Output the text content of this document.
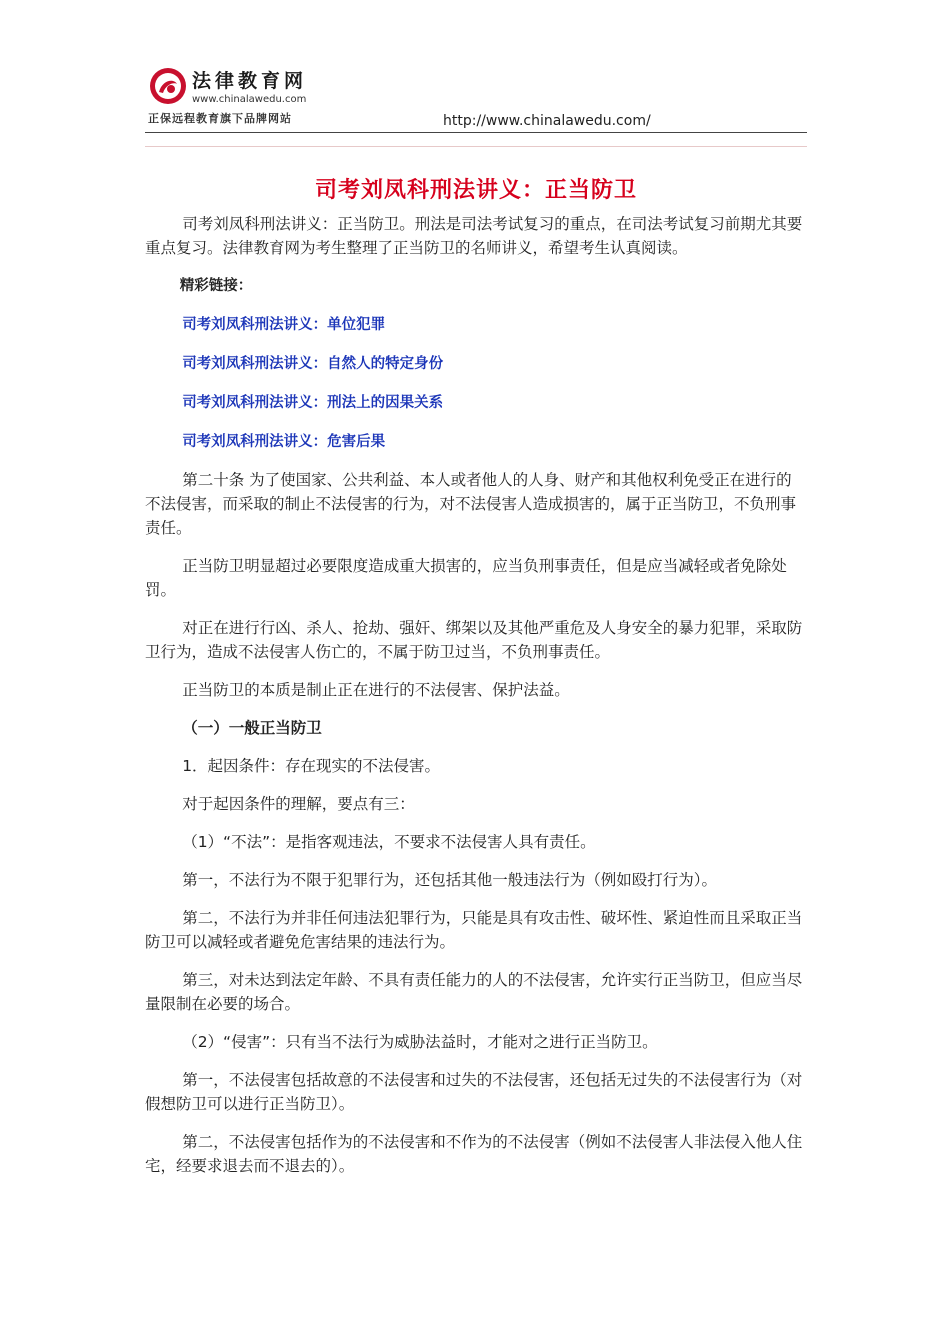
法律教育网
www.chinalawedu.com
正保远程教育旗下品牌网站	http://www.chinalawedu.com/
司考刘凤科刑法讲义：正当防卫

司考刘凤科刑法讲义：正当防卫。刑法是司法考试复习的重点，在司法考试复习前期尤其要重点复习。法律教育网为考生整理了正当防卫的名师讲义，希望考生认真阅读。

精彩链接：

司考刘凤科刑法讲义：单位犯罪

司考刘凤科刑法讲义：自然人的特定身份

司考刘凤科刑法讲义：刑法上的因果关系

司考刘凤科刑法讲义：危害后果

第二十条 为了使国家、公共利益、本人或者他人的人身、财产和其他权利免受正在进行的不法侵害，而采取的制止不法侵害的行为，对不法侵害人造成损害的，属于正当防卫，不负刑事责任。

正当防卫明显超过必要限度造成重大损害的，应当负刑事责任，但是应当减轻或者免除处罚。

对正在进行行凶、杀人、抢劫、强奸、绑架以及其他严重危及人身安全的暴力犯罪，采取防卫行为，造成不法侵害人伤亡的，不属于防卫过当，不负刑事责任。

正当防卫的本质是制止正在进行的不法侵害、保护法益。

（一）一般正当防卫

1．起因条件：存在现实的不法侵害。

对于起因条件的理解，要点有三：

（1）“不法”：是指客观违法，不要求不法侵害人具有责任。

第一，不法行为不限于犯罪行为，还包括其他一般违法行为（例如殴打行为）。

第二，不法行为并非任何违法犯罪行为，只能是具有攻击性、破坏性、紧迫性而且采取正当防卫可以减轻或者避免危害结果的违法行为。

第三，对未达到法定年龄、不具有责任能力的人的不法侵害，允许实行正当防卫，但应当尽量限制在必要的场合。

（2）“侵害”：只有当不法行为威胁法益时，才能对之进行正当防卫。

第一，不法侵害包括故意的不法侵害和过失的不法侵害，还包括无过失的不法侵害行为（对假想防卫可以进行正当防卫）。

第二，不法侵害包括作为的不法侵害和不作为的不法侵害（例如不法侵害人非法侵入他人住宅，经要求退去而不退去的）。
